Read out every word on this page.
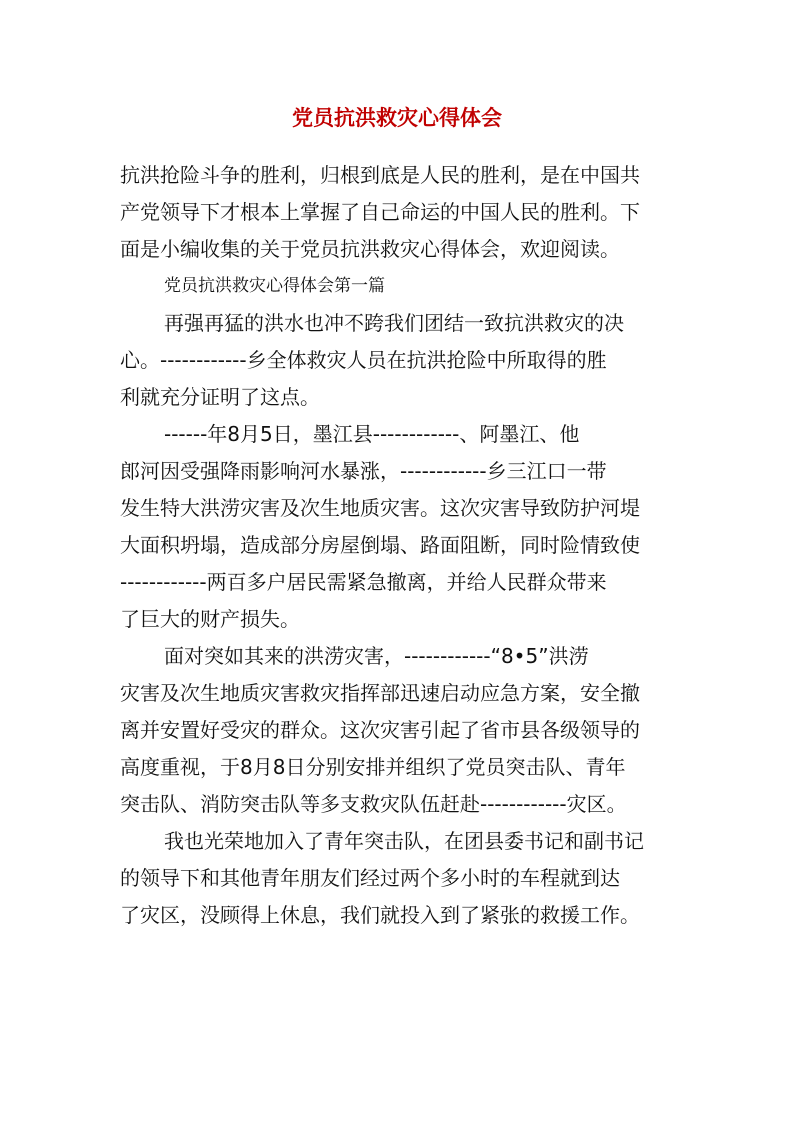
党员抗洪救灾心得体会
抗洪抢险斗争的胜利，归根到底是人民的胜利，是在中国共
产党领导下才根本上掌握了自己命运的中国人民的胜利。下
面是小编收集的关于党员抗洪救灾心得体会，欢迎阅读。
党员抗洪救灾心得体会第一篇
再强再猛的洪水也冲不跨我们团结一致抗洪救灾的决
心。------------乡全体救灾人员在抗洪抢险中所取得的胜
利就充分证明了这点。
------年8月5日，墨江县------------、阿墨江、他
郎河因受强降雨影响河水暴涨，------------乡三江口一带
发生特大洪涝灾害及次生地质灾害。这次灾害导致防护河堤
大面积坍塌，造成部分房屋倒塌、路面阻断，同时险情致使
------------两百多户居民需紧急撤离，并给人民群众带来
了巨大的财产损失。
面对突如其来的洪涝灾害，------------“8•5”洪涝
灾害及次生地质灾害救灾指挥部迅速启动应急方案，安全撤
离并安置好受灾的群众。这次灾害引起了省市县各级领导的
高度重视，于8月8日分别安排并组织了党员突击队、青年
突击队、消防突击队等多支救灾队伍赶赴------------灾区。
我也光荣地加入了青年突击队，在团县委书记和副书记
的领导下和其他青年朋友们经过两个多小时的车程就到达
了灾区，没顾得上休息，我们就投入到了紧张的救援工作。
